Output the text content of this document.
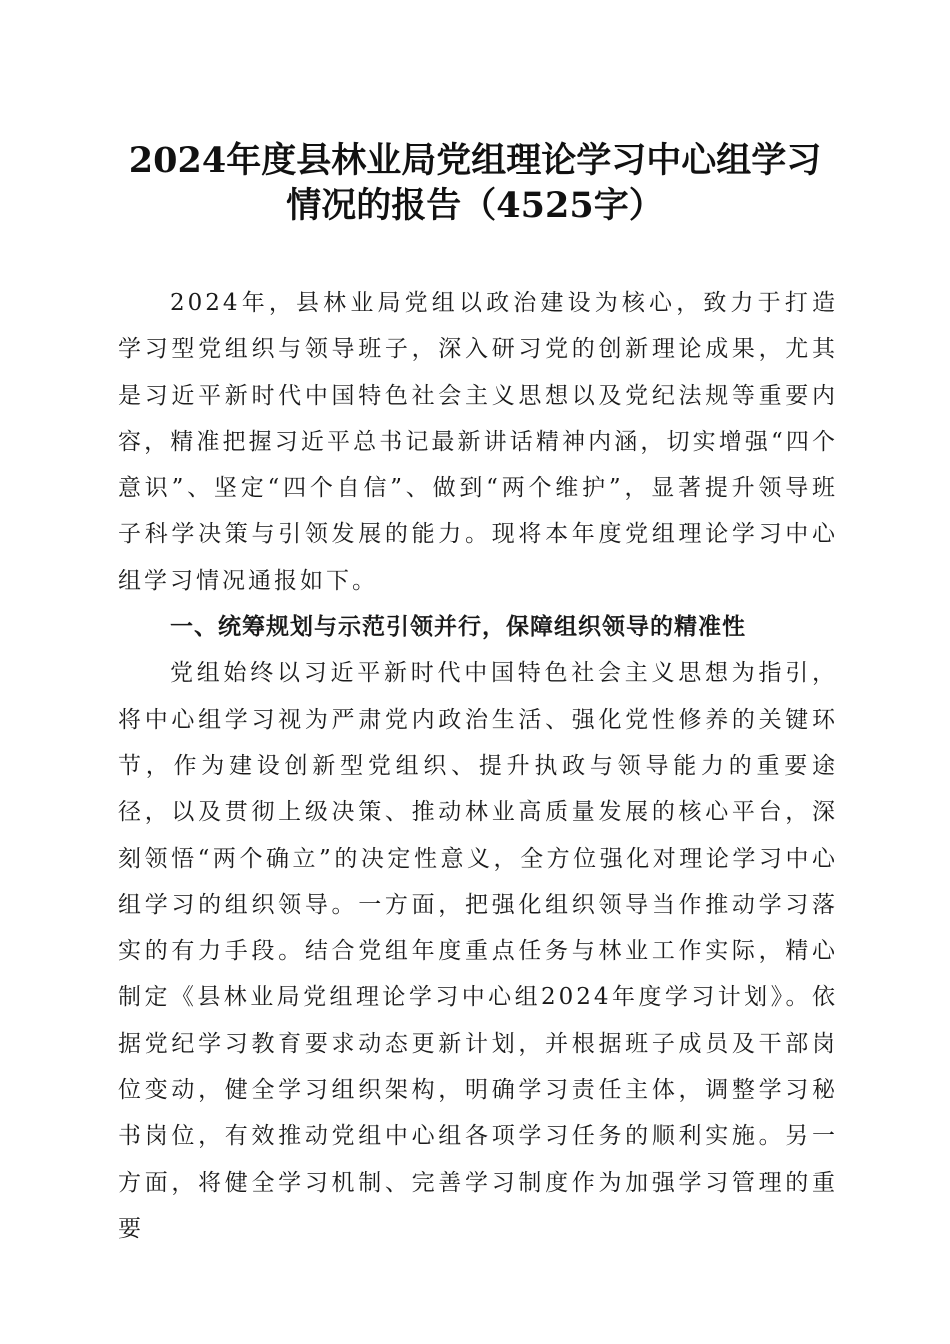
2024年度县林业局党组理论学习中心组学习
情况的报告（4525字）

2024年，县林业局党组以政治建设为核心，致力于打造学习型党组织与领导班子，深入研习党的创新理论成果，尤其是习近平新时代中国特色社会主义思想以及党纪法规等重要内容，精准把握习近平总书记最新讲话精神内涵，切实增强“四个意识”、坚定“四个自信”、做到“两个维护”，显著提升领导班子科学决策与引领发展的能力。现将本年度党组理论学习中心组学习情况通报如下。

一、统筹规划与示范引领并行，保障组织领导的精准性

党组始终以习近平新时代中国特色社会主义思想为指引，将中心组学习视为严肃党内政治生活、强化党性修养的关键环节，作为建设创新型党组织、提升执政与领导能力的重要途径，以及贯彻上级决策、推动林业高质量发展的核心平台，深刻领悟“两个确立”的决定性意义，全方位强化对理论学习中心组学习的组织领导。一方面，把强化组织领导当作推动学习落实的有力手段。结合党组年度重点任务与林业工作实际，精心制定《县林业局党组理论学习中心组2024年度学习计划》。依据党纪学习教育要求动态更新计划，并根据班子成员及干部岗位变动，健全学习组织架构，明确学习责任主体，调整学习秘书岗位，有效推动党组中心组各项学习任务的顺利实施。另一方面，将健全学习机制、完善学习制度作为加强学习管理的重要
